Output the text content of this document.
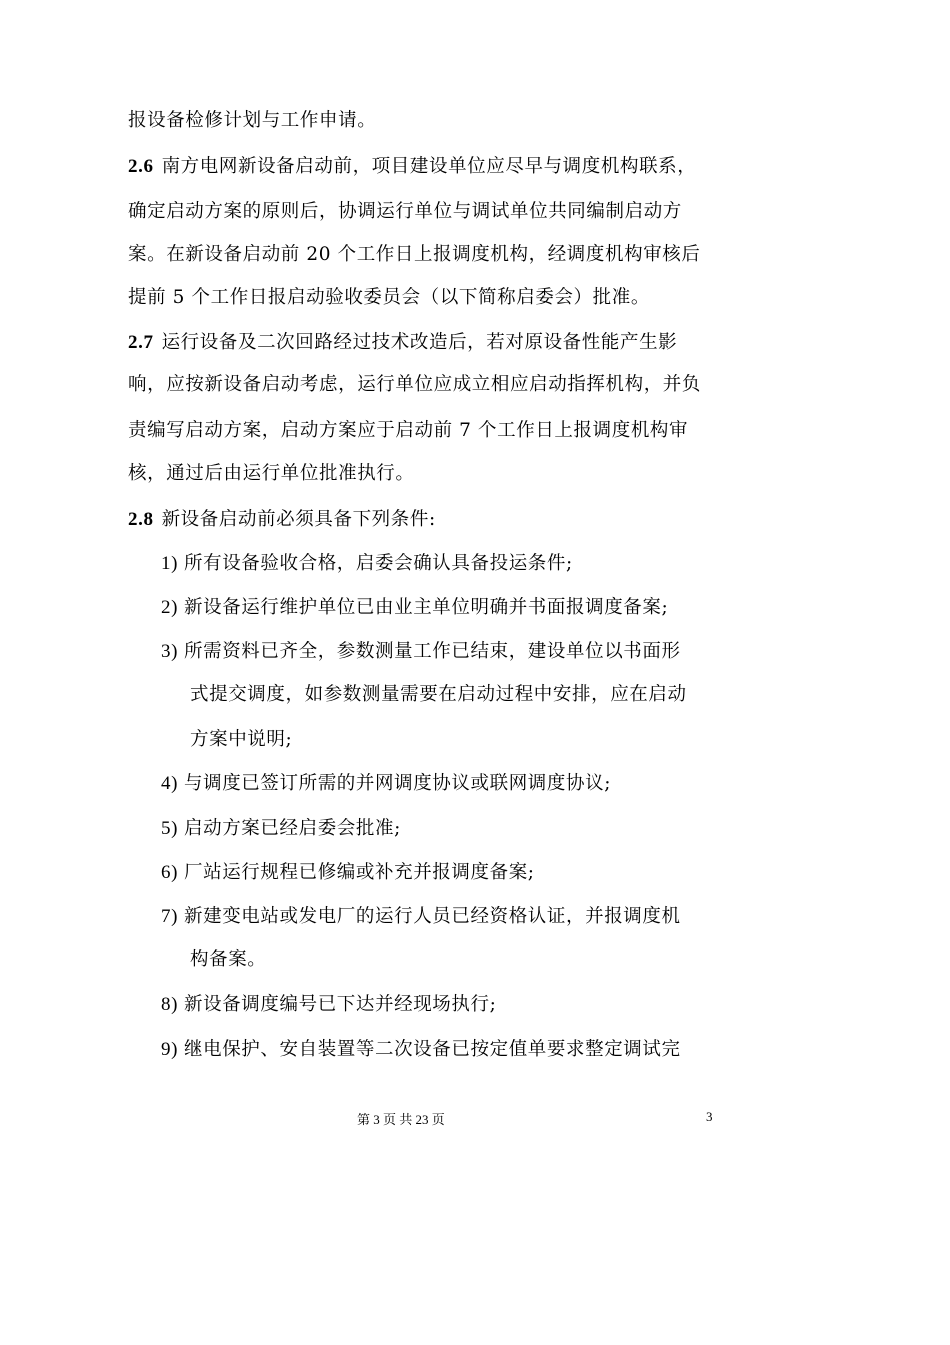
报设备检修计划与工作申请。
2.6 南方电网新设备启动前，项目建设单位应尽早与调度机构联系，
确定启动方案的原则后，协调运行单位与调试单位共同编制启动方
案。在新设备启动前 20 个工作日上报调度机构，经调度机构审核后
提前 5 个工作日报启动验收委员会（以下简称启委会）批准。
2.7 运行设备及二次回路经过技术改造后，若对原设备性能产生影
响，应按新设备启动考虑，运行单位应成立相应启动指挥机构，并负
责编写启动方案，启动方案应于启动前 7 个工作日上报调度机构审
核，通过后由运行单位批准执行。
2.8 新设备启动前必须具备下列条件:
1) 所有设备验收合格，启委会确认具备投运条件;
2) 新设备运行维护单位已由业主单位明确并书面报调度备案;
3) 所需资料已齐全，参数测量工作已结束，建设单位以书面形
式提交调度，如参数测量需要在启动过程中安排，应在启动
方案中说明;
4) 与调度已签订所需的并网调度协议或联网调度协议;
5) 启动方案已经启委会批准;
6) 厂站运行规程已修编或补充并报调度备案;
7) 新建变电站或发电厂的运行人员已经资格认证，并报调度机
构备案。
8) 新设备调度编号已下达并经现场执行;
9) 继电保护、安自装置等二次设备已按定值单要求整定调试完
第 3 页 共 23 页	3
